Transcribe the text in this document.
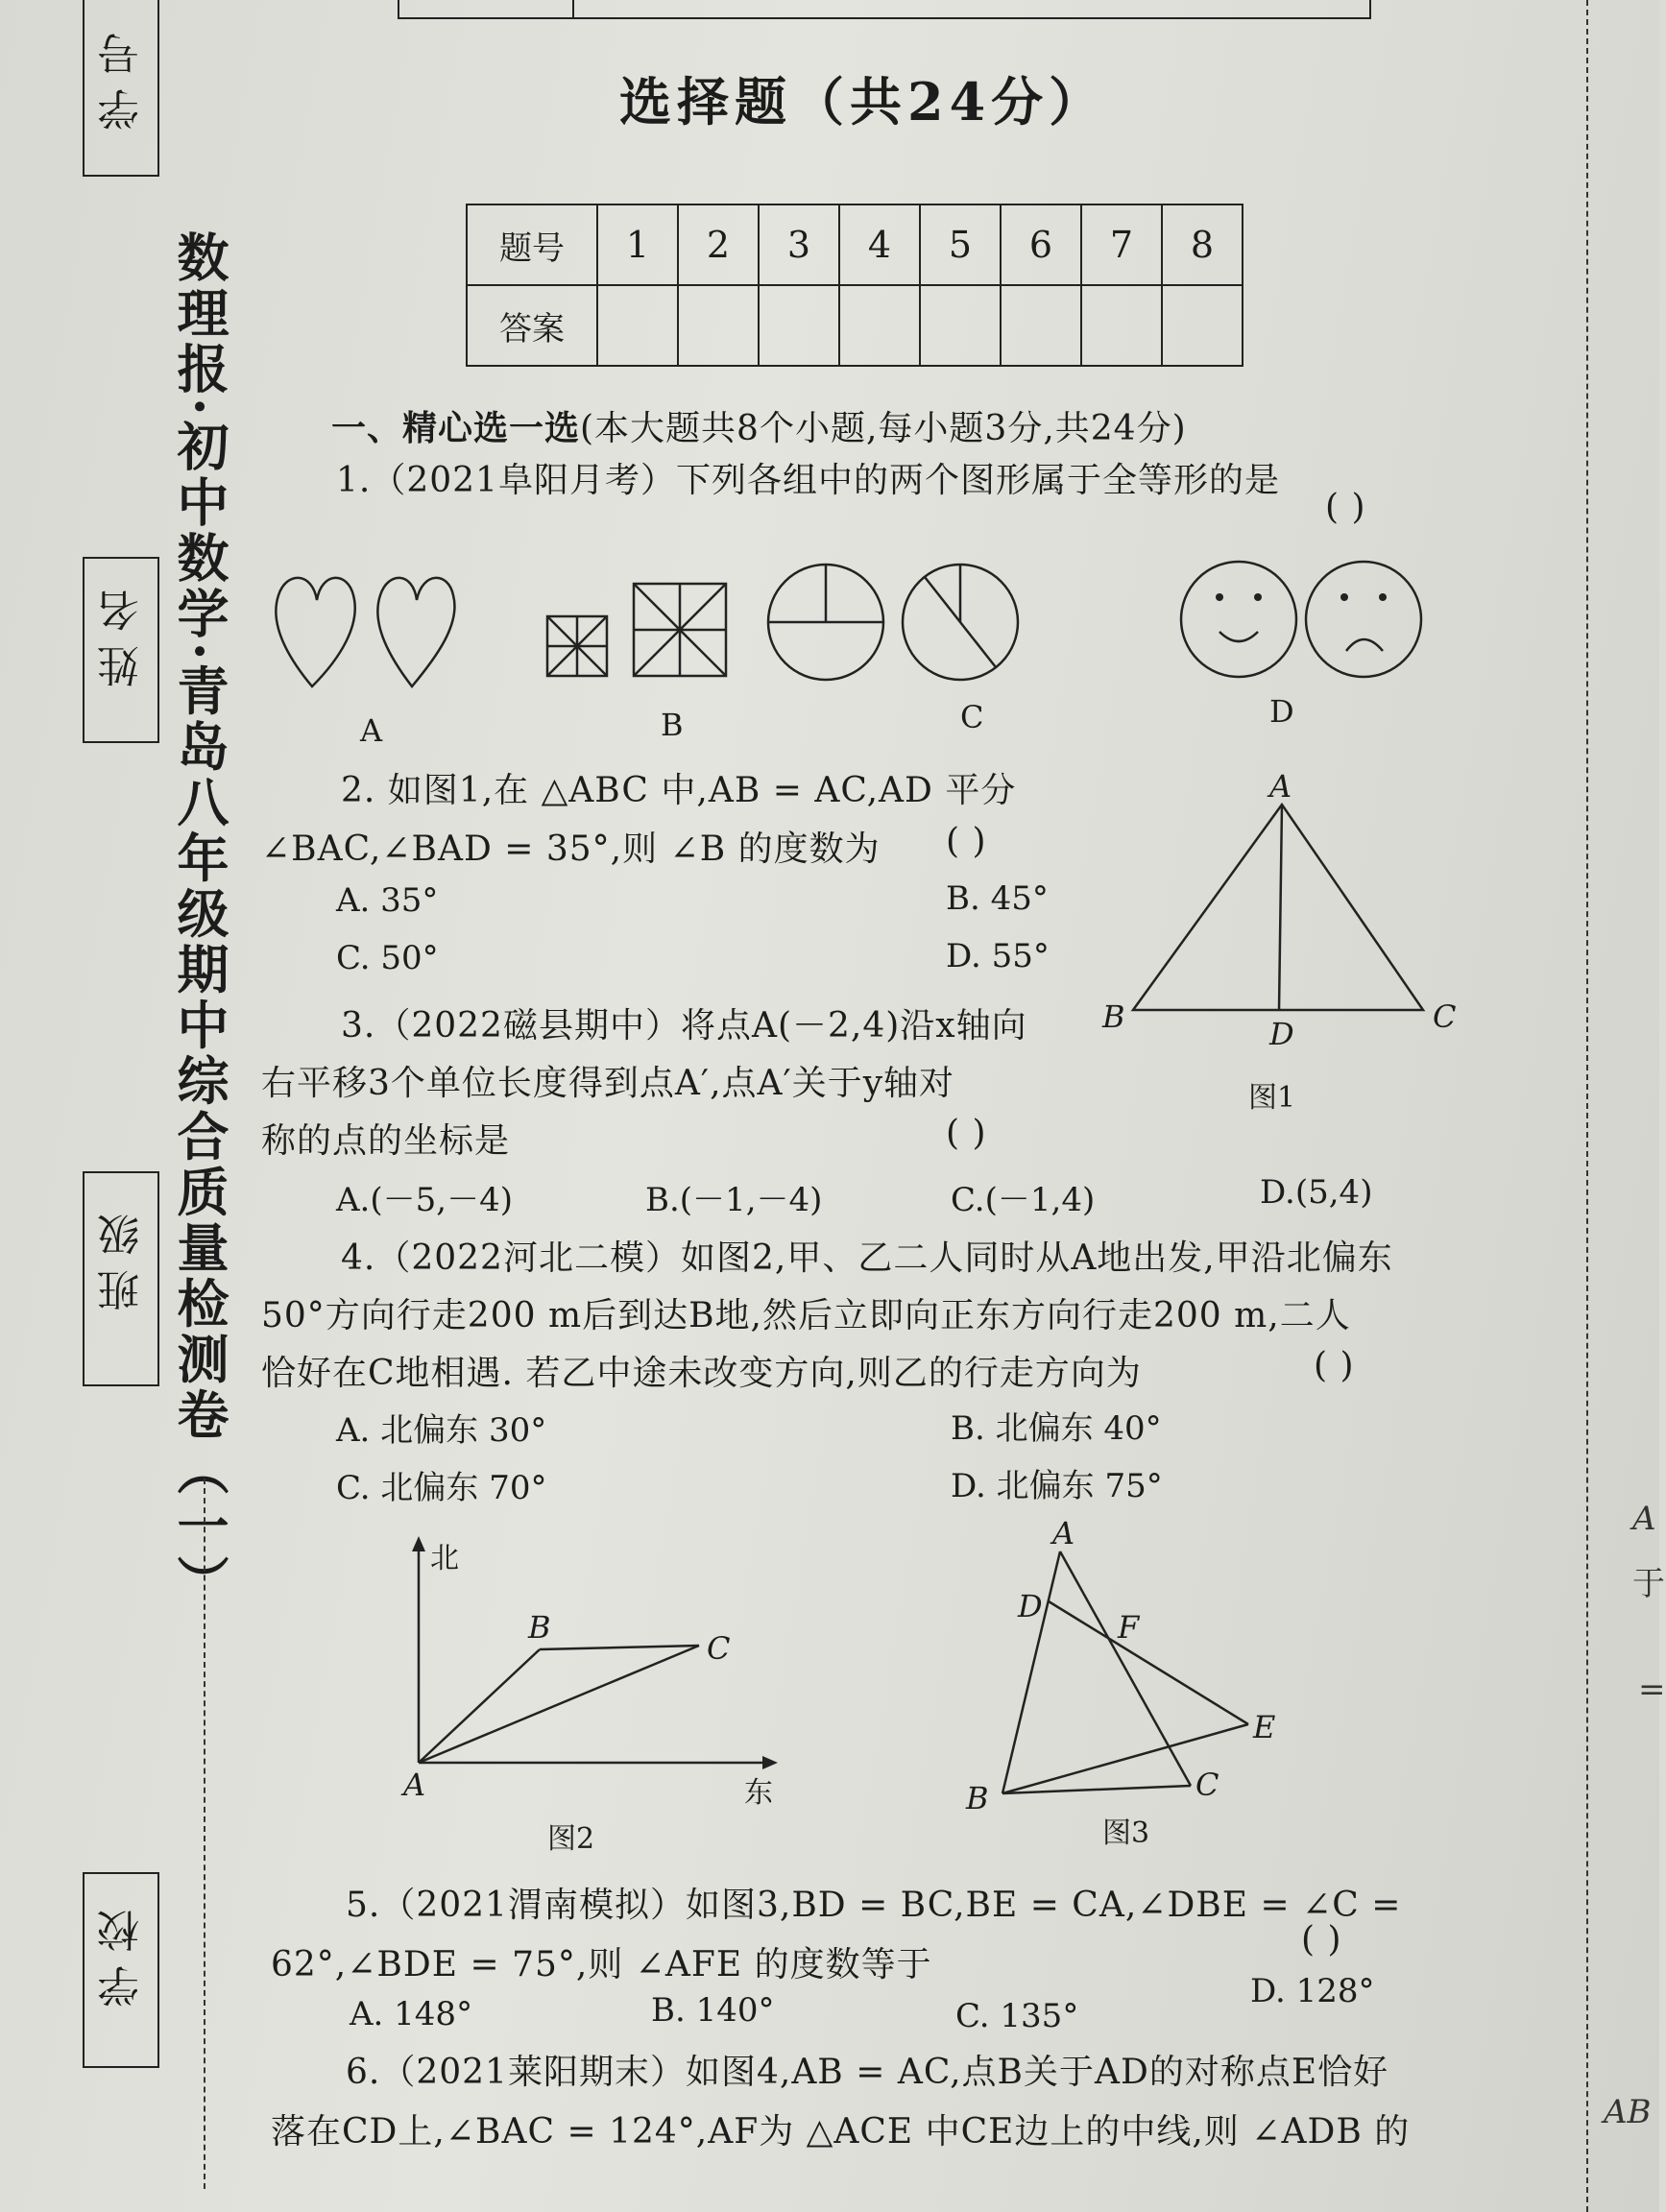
学号
姓名
班级
学校
数理报·初中数学·青岛八年级期中综合质量检测卷（一）
选择题（共24分）
题号	1	2	3	4	5	6	7	8
答案								
一、精心选一选(本大题共8个小题,每小题3分,共24分)
1.（2021阜阳月考）下列各组中的两个图形属于全等形的是
( )
A	B	C	D
2. 如图1,在 △ABC 中,AB = AC,AD 平分
∠BAC,∠BAD = 35°,则 ∠B 的度数为 ( )
A. 35°	B. 45°
C. 50°	D. 55°
A
B	C
D
图1
3.（2022磁县期中）将点A(－2,4)沿x轴向
右平移3个单位长度得到点A′,点A′关于y轴对
称的点的坐标是	( )
A.(－5,－4)	B.(－1,－4)	C.(－1,4)	D.(5,4)
4.（2022河北二模）如图2,甲、乙二人同时从A地出发,甲沿北偏东
50°方向行走200 m后到达B地,然后立即向正东方向行走200 m,二人
恰好在C地相遇. 若乙中途未改变方向,则乙的行走方向为	( )
A. 北偏东 30°	B. 北偏东 40°
C. 北偏东 70°	D. 北偏东 75°
北
东
A
B
C
图2
A
B	C
D
E
F
图3
5.（2021渭南模拟）如图3,BD = BC,BE = CA,∠DBE = ∠C =
62°,∠BDE = 75°,则 ∠AFE 的度数等于
( )
A. 148°	B. 140°	C. 135°
D. 128°
6.（2021莱阳期末）如图4,AB = AC,点B关于AD的对称点E恰好
落在CD上,∠BAC = 124°,AF为 △ACE 中CE边上的中线,则 ∠ADB 的
A
于
=
AB
